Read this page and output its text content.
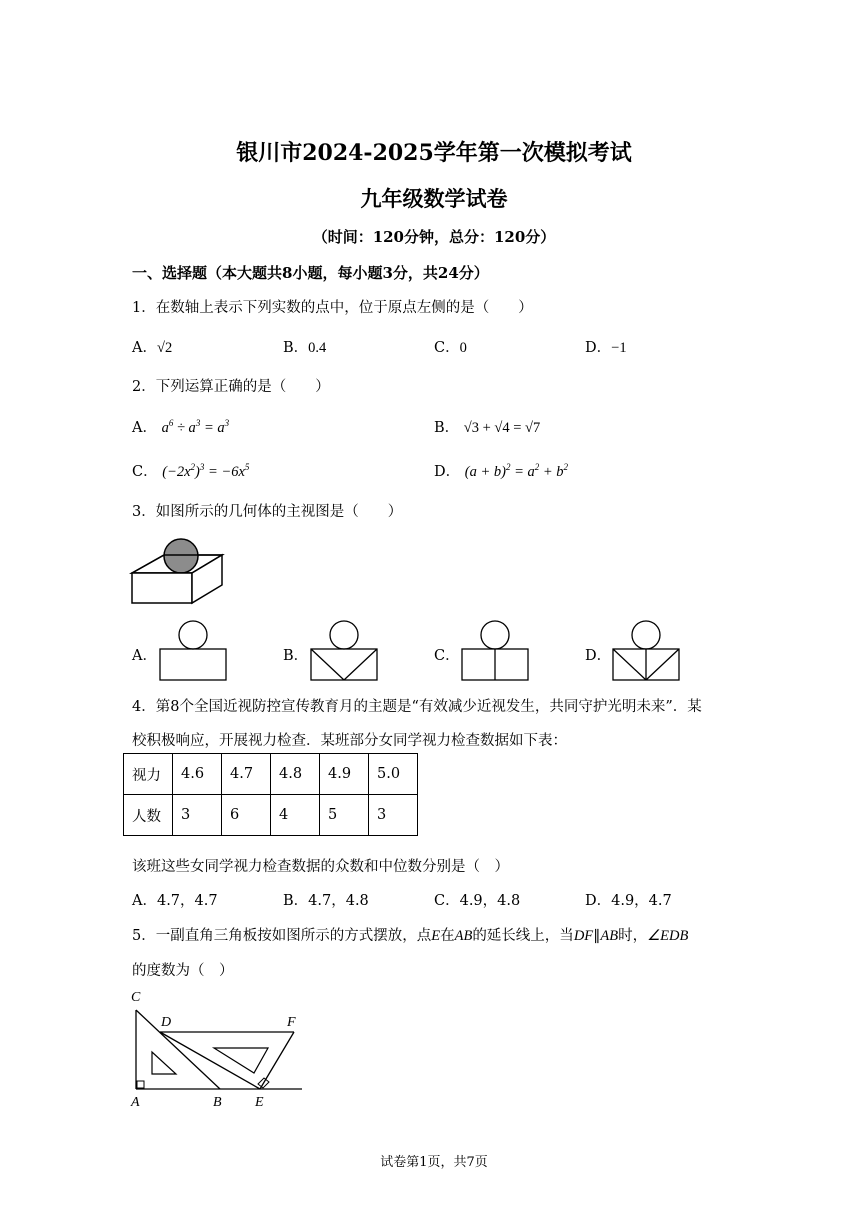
银川市2024-2025学年第一次模拟考试
九年级数学试卷
（时间：120分钟，总分：120分）
一、选择题（本大题共8小题，每小题3分，共24分）
1．在数轴上表示下列实数的点中，位于原点左侧的是（　　）
A．√2	B．0.4	C．0	D．−1
2．下列运算正确的是（　　）
A． $a^6 \div a^3 = a^3$	B． √3 + √4 = √7
C． $(-2x^2)^3 = -6x^5$	D． $(a + b)^2 = a^2 + b^2$
3．如图所示的几何体的主视图是（　　）
A．	B．	C．	D．
4．第8个全国近视防控宣传教育月的主题是“有效减少近视发生，共同守护光明未来”．某
校积极响应，开展视力检查．某班部分女同学视力检查数据如下表：
视力	4.6	4.7	4.8	4.9	5.0
人数	3	6	4	5	3
该班这些女同学视力检查数据的众数和中位数分别是（　）
A．4.7，4.7	B．4.7，4.8	C．4.9，4.8	D．4.9，4.7
5．一副直角三角板按如图所示的方式摆放，点E在AB的延长线上，当DF∥AB时，∠EDB
的度数为（　）
C
D	F
A	B E
试卷第1页，共7页
